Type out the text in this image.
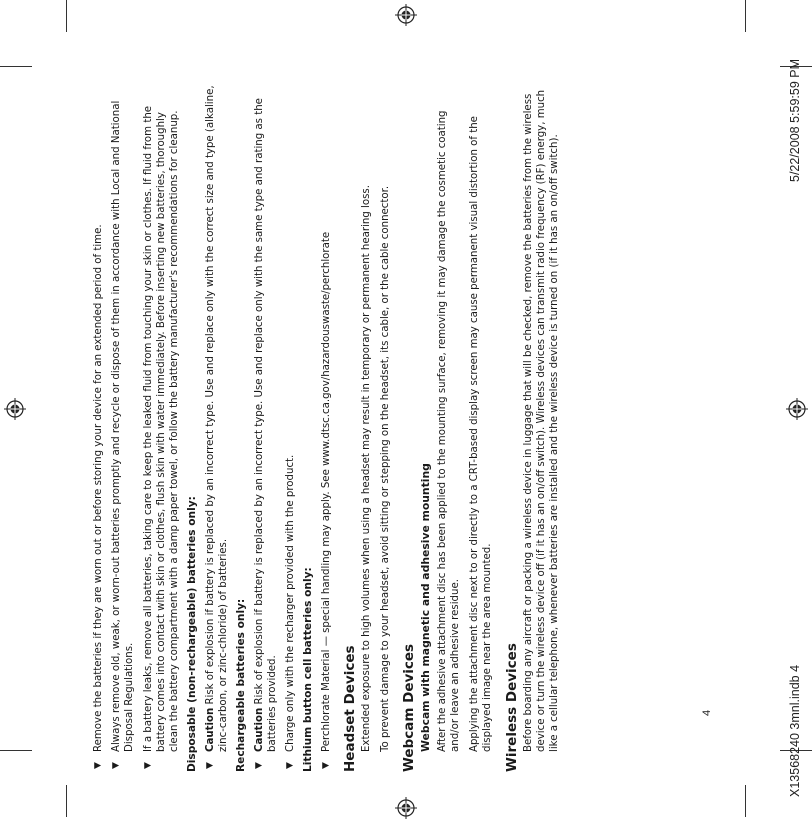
▼
Remove the batteries if they are worn out or before storing your device for an extended period of time.
▼
Always remove old, weak, or worn-out batteries promptly and recycle or dispose of them in accordance with Local and National Disposal Regulations.
▼
If a battery leaks, remove all batteries, taking care to keep the leaked fluid from touching your skin or clothes. If fluid from the battery comes into contact with skin or clothes, flush skin with water immediately. Before inserting new batteries, thoroughly clean the battery compartment with a damp paper towel, or follow the battery manufacturer's recommendations for cleanup. Disposable (non-rechargeable) batteries only: ▼
Caution Risk of explosion if battery is replaced by an incorrect type. Use and replace only with the correct size and type (alkaline, zinc-carbon, or zinc-chloride) of batteries. Rechargeable batteries only: ▼
Caution Risk of explosion if battery is replaced by an incorrect type. Use and replace only with the same type and rating as the batteries provided.
▼
Charge only with the recharger provided with the product. Lithium button cell batteries only: ▼
Perchlorate Material — special handling may apply. See www.dtsc.ca.gov/hazardouswaste/perchlorate Headset Devices Extended exposure to high volumes when using a headset may result in temporary or permanent hearing loss. To prevent damage to your headset, avoid sitting or stepping on the headset, its cable, or the cable connector. Webcam Devices Webcam with magnetic and adhesive mounting After the adhesive attachment disc has been applied to the mounting surface, removing it may damage the cosmetic coating and/or leave an adhesive residue. Applying the attachment disc next to or directly to a CRT-based display screen may cause permanent visual distortion of the displayed image near the area mounted. Wireless Devices Before boarding any aircraft or packing a wireless device in luggage that will be checked, remove the batteries from the wireless device or turn the wireless device off (if it has an on/off switch). Wireless devices can transmit radio frequency (RF) energy, much like a cellular telephone, whenever batteries are installed and the wireless device is turned on (if it has an on/off switch).	4	X13568240 3mnl.indb 4
5/22/2008 5:59:59 PM
